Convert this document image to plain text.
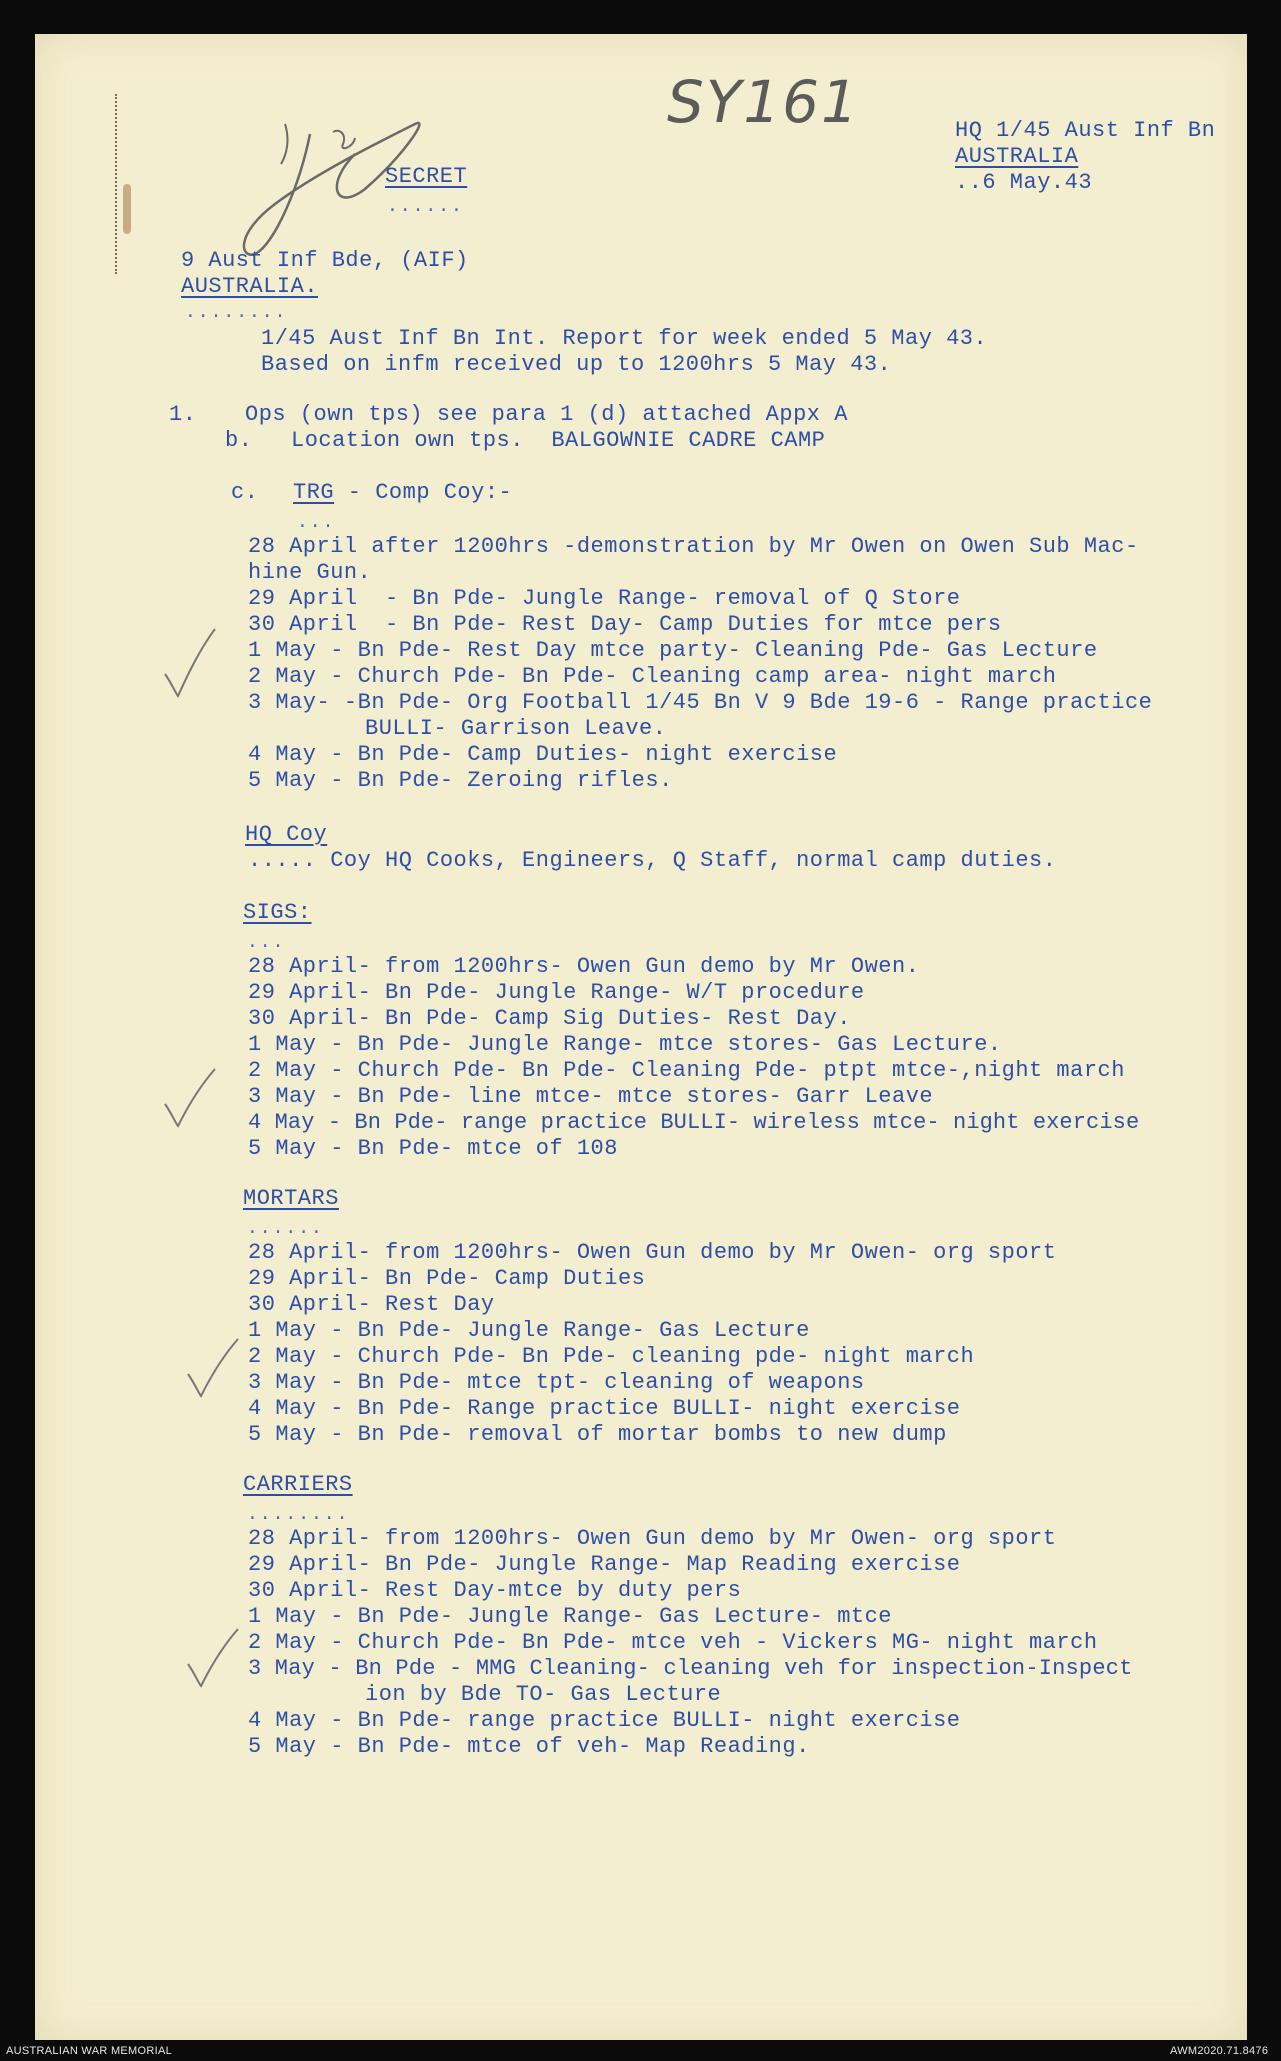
SY161	HQ 1/45 Aust Inf Bn
AUSTRALIA
..6 May.43
SECRET
......
9 Aust Inf Bde, (AIF)
AUSTRALIA.
........
1/45 Aust Inf Bn Int. Report for week ended 5 May 43.
Based on infm received up to 1200hrs 5 May 43.
1. Ops (own tps) see para 1 (d) attached Appx A
b. Location own tps.  BALGOWNIE CADRE CAMP
c. TRG - Comp Coy:-
...
28 April after 1200hrs -demonstration by Mr Owen on Owen Sub Mac-
hine Gun.
29 April  - Bn Pde- Jungle Range- removal of Q Store
30 April  - Bn Pde- Rest Day- Camp Duties for mtce pers
1 May - Bn Pde- Rest Day mtce party- Cleaning Pde- Gas Lecture
2 May - Church Pde- Bn Pde- Cleaning camp area- night march
3 May- -Bn Pde- Org Football 1/45 Bn V 9 Bde 19-6 - Range practice
BULLI- Garrison Leave.
4 May - Bn Pde- Camp Duties- night exercise
5 May - Bn Pde- Zeroing rifles.
HQ Coy
..... Coy HQ Cooks, Engineers, Q Staff, normal camp duties.
SIGS:
...
28 April- from 1200hrs- Owen Gun demo by Mr Owen.
29 April- Bn Pde- Jungle Range- W/T procedure
30 April- Bn Pde- Camp Sig Duties- Rest Day.
1 May - Bn Pde- Jungle Range- mtce stores- Gas Lecture.
2 May - Church Pde- Bn Pde- Cleaning Pde- ptpt mtce-,night march
3 May - Bn Pde- line mtce- mtce stores- Garr Leave
4 May - Bn Pde- range practice BULLI- wireless mtce- night exercise
5 May - Bn Pde- mtce of 108
MORTARS
......
28 April- from 1200hrs- Owen Gun demo by Mr Owen- org sport
29 April- Bn Pde- Camp Duties
30 April- Rest Day
1 May - Bn Pde- Jungle Range- Gas Lecture
2 May - Church Pde- Bn Pde- cleaning pde- night march
3 May - Bn Pde- mtce tpt- cleaning of weapons
4 May - Bn Pde- Range practice BULLI- night exercise
5 May - Bn Pde- removal of mortar bombs to new dump
CARRIERS
........
28 April- from 1200hrs- Owen Gun demo by Mr Owen- org sport
29 April- Bn Pde- Jungle Range- Map Reading exercise
30 April- Rest Day-mtce by duty pers
1 May - Bn Pde- Jungle Range- Gas Lecture- mtce
2 May - Church Pde- Bn Pde- mtce veh - Vickers MG- night march
3 May - Bn Pde - MMG Cleaning- cleaning veh for inspection-Inspect
ion by Bde TO- Gas Lecture
4 May - Bn Pde- range practice BULLI- night exercise
5 May - Bn Pde- mtce of veh- Map Reading.
AUSTRALIAN WAR MEMORIAL	AWM2020.71.8476
